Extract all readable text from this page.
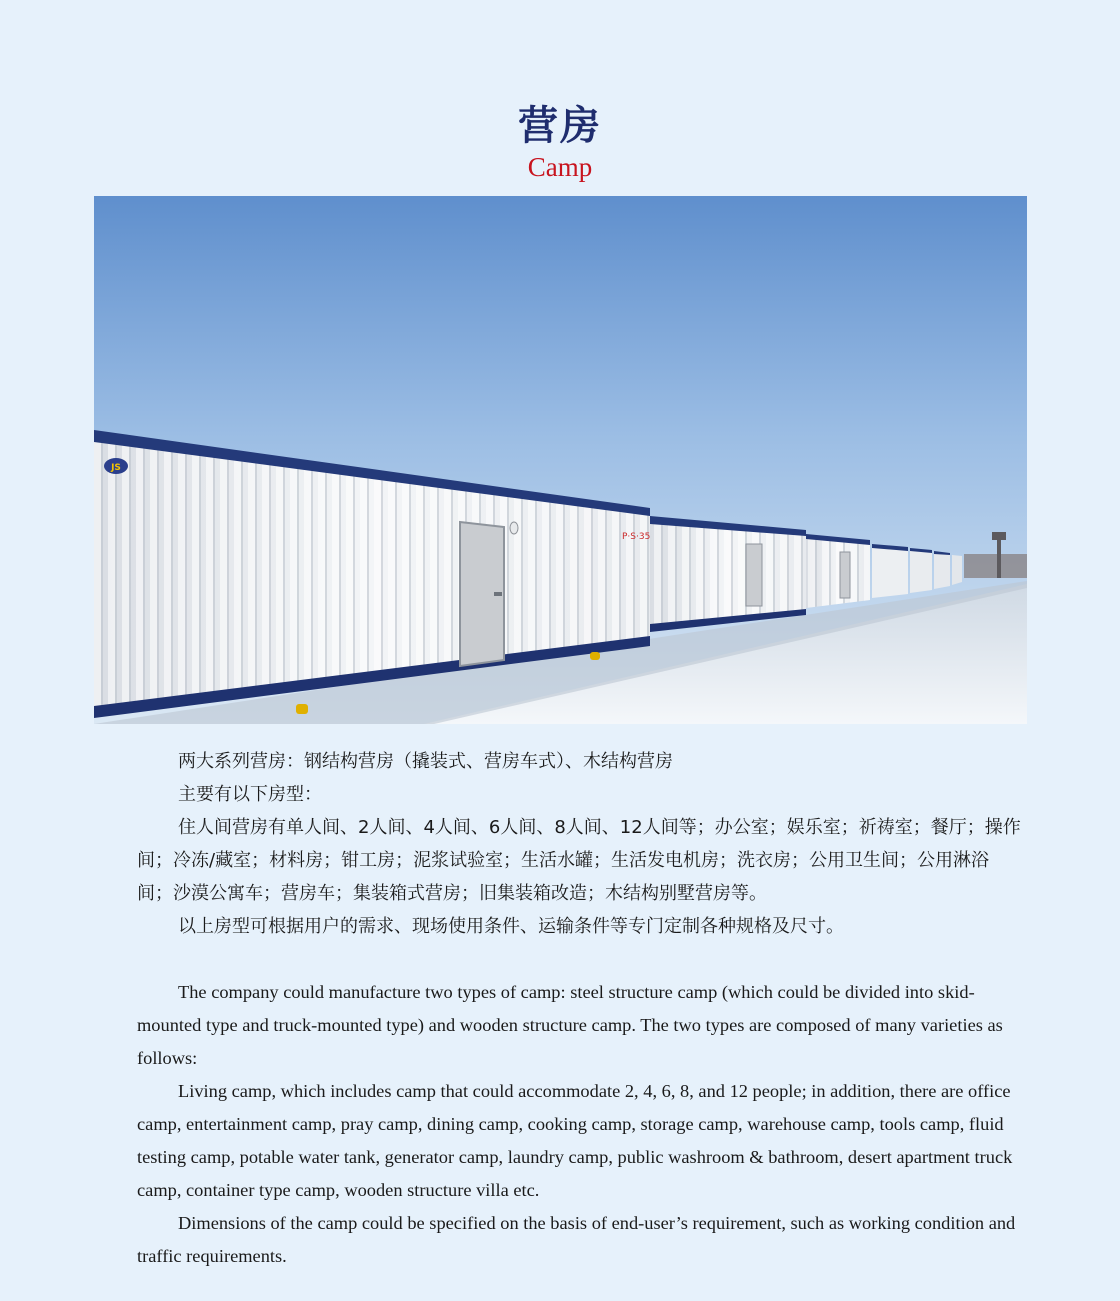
营房
Camp
JS
P·S·35

两大系列营房：钢结构营房（撬装式、营房车式）、木结构营房

主要有以下房型：

住人间营房有单人间、2人间、4人间、6人间、8人间、12人间等；办公室；娱乐室；祈祷室；餐厅；操作间；冷冻/藏室；材料房；钳工房；泥浆试验室；生活水罐；生活发电机房；洗衣房；公用卫生间；公用淋浴间；沙漠公寓车；营房车；集装箱式营房；旧集装箱改造；木结构别墅营房等。

以上房型可根据用户的需求、现场使用条件、运输条件等专门定制各种规格及尺寸。

The company could manufacture two types of camp: steel structure camp (which could be divided into skid-mounted type and truck-mounted type) and wooden structure camp. The two types are composed of many varieties as follows:

Living camp, which includes camp that could accommodate 2, 4, 6, 8, and 12 people; in addition, there are office camp, entertainment camp, pray camp, dining camp, cooking camp, storage camp, warehouse camp, tools camp, fluid testing camp, potable water tank, generator camp, laundry camp, public washroom & bathroom, desert apartment truck camp, container type camp, wooden structure villa etc.

Dimensions of the camp could be specified on the basis of end-user’s requirement, such as working condition and traffic requirements.
